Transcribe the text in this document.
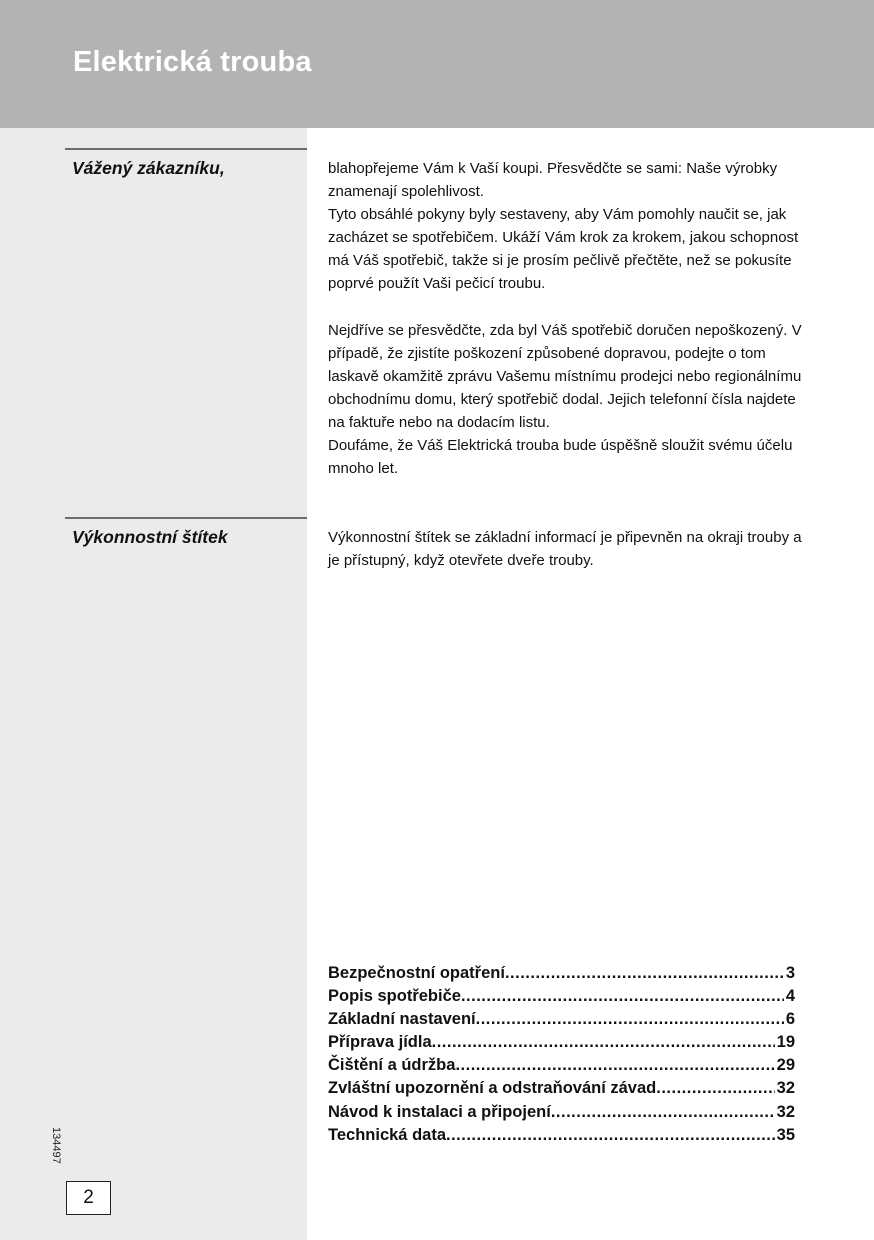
Elektrická trouba
Vážený zákazníku,	blahopřejeme Vám k Vaší koupi. Přesvědčte se sami: Naše výrobky znamenají spolehlivost.

Tyto obsáhlé pokyny byly sestaveny, aby Vám pomohly naučit se, jak zacházet se spotřebičem. Ukáží Vám krok za krokem, jakou schopnost má Váš spotřebič, takže si je prosím pečlivě přečtěte, než se pokusíte poprvé použít Vaši pečicí troubu.

Nejdříve se přesvědčte, zda byl Váš spotřebič doručen nepoškozený. V případě, že zjistíte poškození způsobené dopravou, podejte o tom laskavě okamžitě zprávu Vašemu místnímu prodejci nebo regionálnímu obchodnímu domu, který spotřebič dodal. Jejich telefonní čísla najdete na faktuře nebo na dodacím listu.

Doufáme, že Váš Elektrická trouba bude úspěšně sloužit svému účelu mnoho let.

Výkonnostní štítek	Výkonnostní štítek se základní informací je připevněn na okraji trouby a je přístupný, když otevřete dveře trouby.

Bezpečnostní opatření .....	3
Popis spotřebiče .....	4
Základní nastavení .....	6
Příprava jídla .....	19
Čištění a údržba .....	29
Zvláštní upozornění a odstraňování závad .....	32
Návod k instalaci a připojení .....	32
Technická data .....	35
134497
2
